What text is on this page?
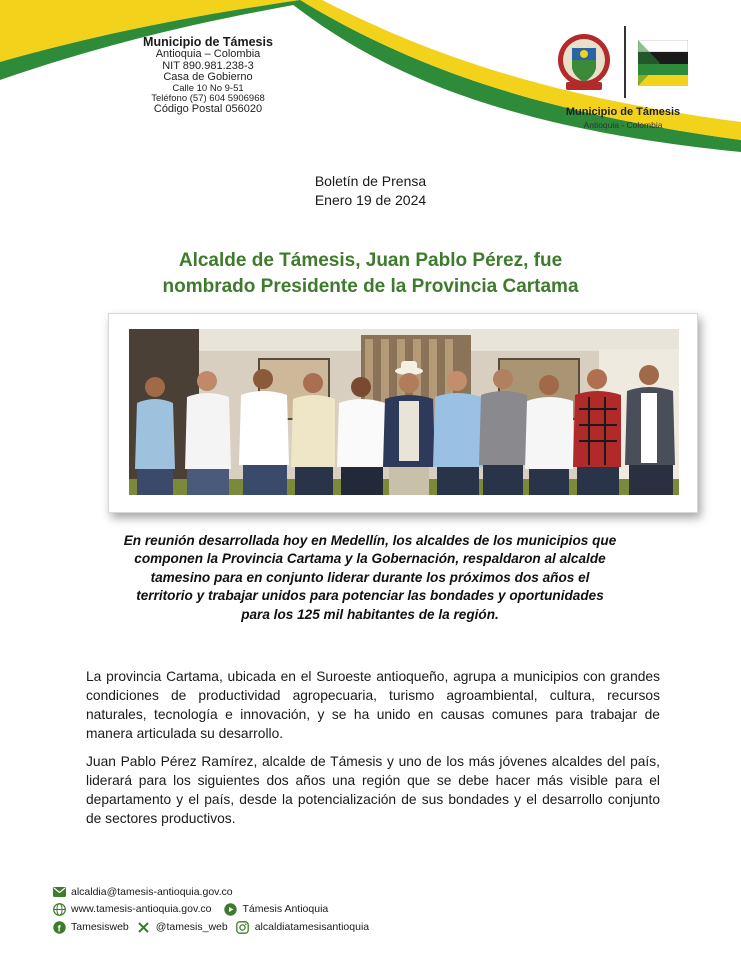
Municipio de Támesis
Antioquia – Colombia
NIT 890.981.238-3
Casa de Gobierno
Calle 10 No 9-51
Teléfono (57) 604 5906968
Código Postal 056020	Municipio de Támesis
Antioquia - Colombia
Boletín de Prensa
Enero 19 de 2024
Alcalde de Támesis, Juan Pablo Pérez, fue
nombrado Presidente de la Provincia Cartama
En reunión desarrollada hoy en Medellín, los alcaldes de los municipios que
componen la Provincia Cartama y la Gobernación, respaldaron al alcalde
tamesino para en conjunto liderar durante los próximos dos años el
territorio y trabajar unidos para potenciar las bondades y oportunidades
para los 125 mil habitantes de la región.

La provincia Cartama, ubicada en el Suroeste antioqueño, agrupa a municipios con grandes condiciones de productividad agropecuaria, turismo agroambiental, cultura, recursos naturales, tecnología e innovación, y se ha unido en causas comunes para trabajar de manera articulada su desarrollo.

Juan Pablo Pérez Ramírez, alcalde de Támesis y uno de los más jóvenes alcaldes del país, liderará para los siguientes dos años una región que se debe hacer más visible para el departamento y el país, desde la potencialización de sus bondades y el desarrollo conjunto de sectores productivos.

alcaldia@tamesis-antioquia.gov.co
www.tamesis-antioquia.gov.co	Támesis Antioquia
f Tamesisweb	@tamesis_web	alcaldiatamesisantioquia
